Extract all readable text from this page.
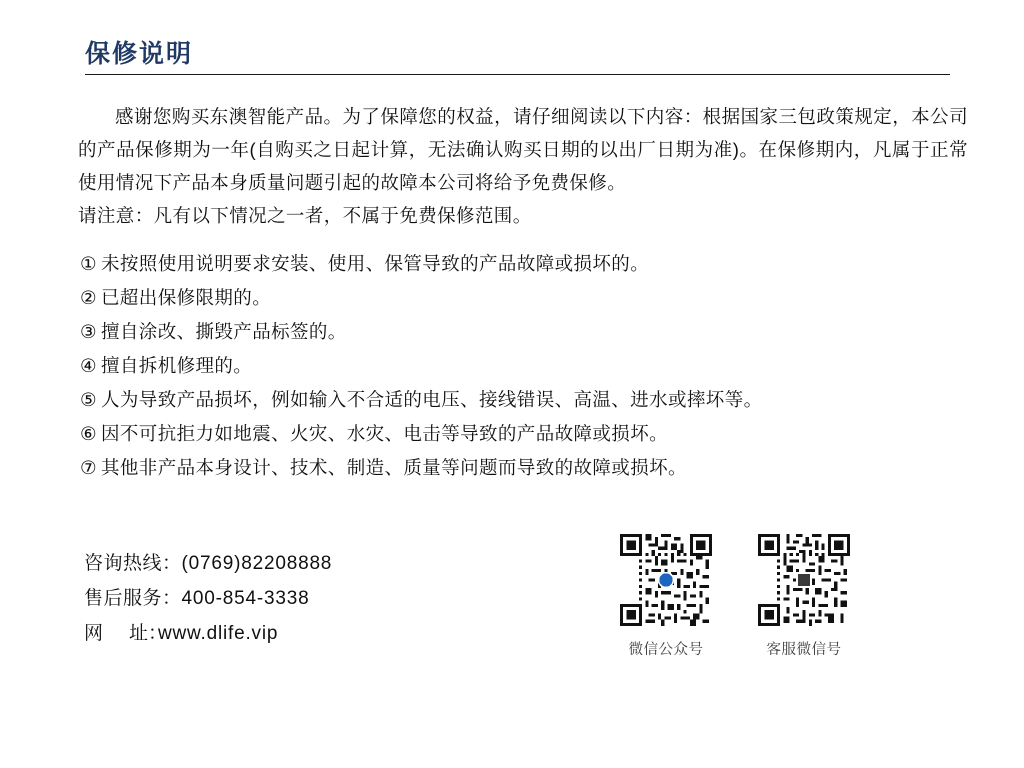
保修说明

感谢您购买东澳智能产品。为了保障您的权益，请仔细阅读以下内容：根据国家三包政策规定，本公司的产品保修期为一年(自购买之日起计算，无法确认购买日期的以出厂日期为准)。在保修期内，凡属于正常使用情况下产品本身质量问题引起的故障本公司将给予免费保修。

请注意：凡有以下情况之一者，不属于免费保修范围。

① 未按照使用说明要求安装、使用、保管导致的产品故障或损坏的。
② 已超出保修限期的。
③ 擅自涂改、撕毁产品标签的。
④ 擅自拆机修理的。
⑤ 人为导致产品损坏，例如输入不合适的电压、接线错误、高温、进水或摔坏等。
⑥ 因不可抗拒力如地震、火灾、水灾、电击等导致的产品故障或损坏。
⑦ 其他非产品本身设计、技术、制造、质量等问题而导致的故障或损坏。
咨询热线：(0769)82208888
售后服务：400-854-3338
网 址：www.dlife.vip
微信公众号	客服微信号
